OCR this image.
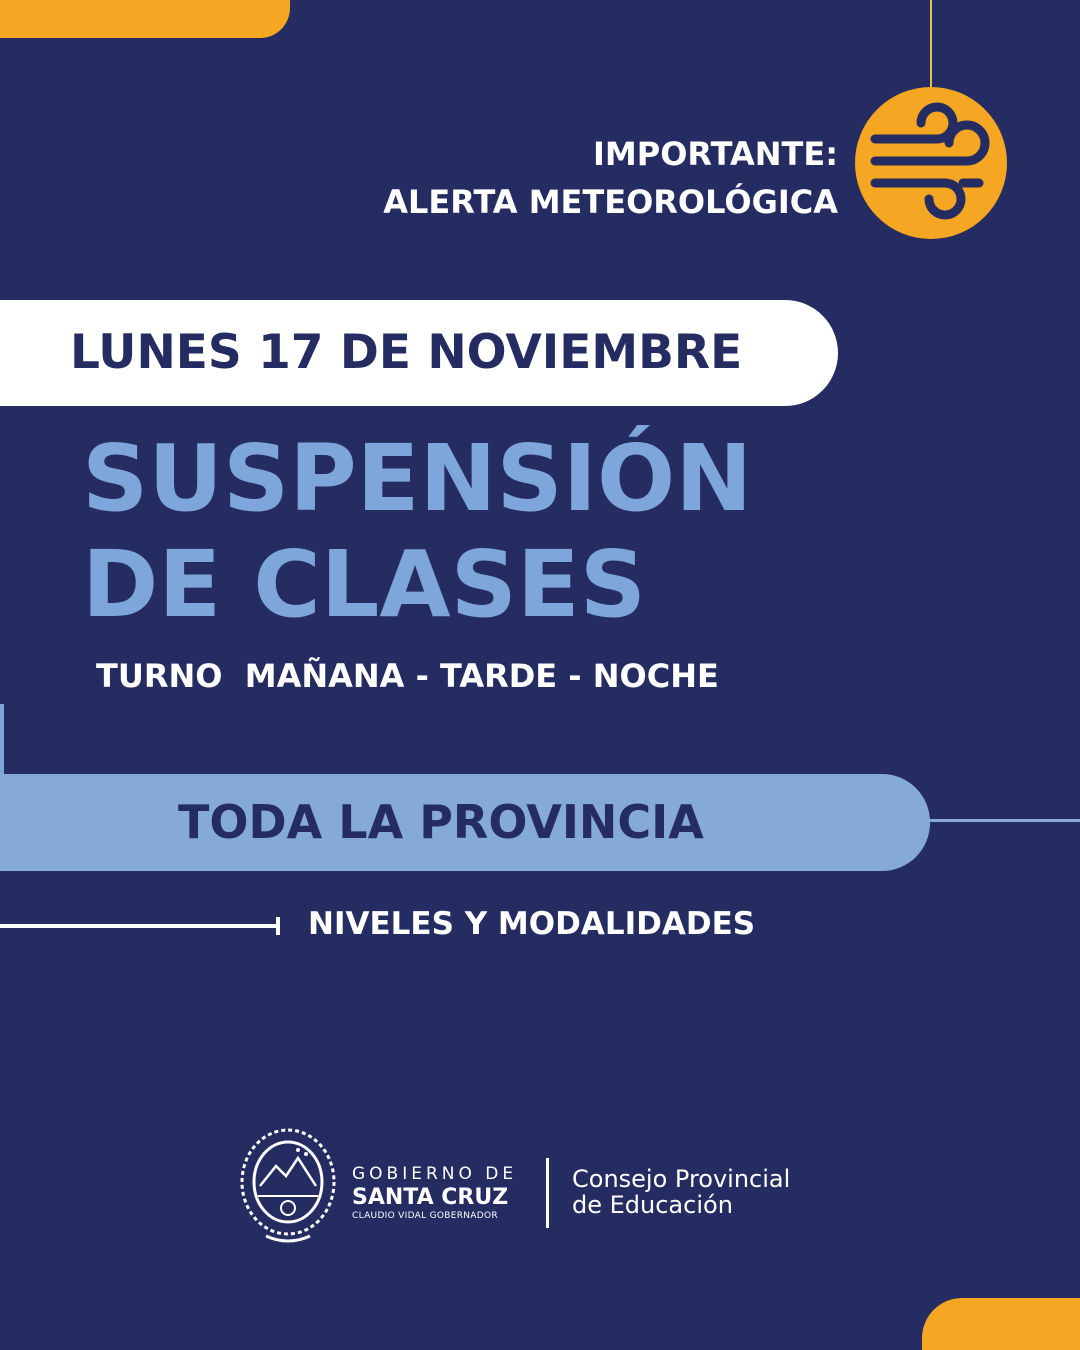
IMPORTANTE:
ALERTA METEOROLÓGICA
LUNES 17 DE NOVIEMBRE
SUSPENSIÓN
DE CLASES
TURNO  MAÑANA - TARDE - NOCHE
TODA LA PROVINCIA
NIVELES Y MODALIDADES
GOBIERNO DE
SANTA CRUZ
CLAUDIO VIDAL GOBERNADOR
Consejo Provincial
de Educación
